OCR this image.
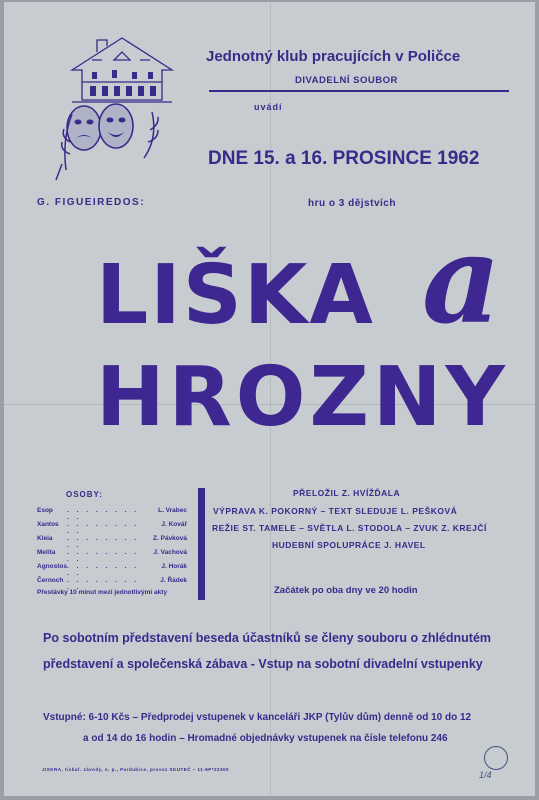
Jednotný klub pracujících v Poličce
DIVADELNÍ SOUBOR
uvádí
DNE 15. a 16. PROSINCE 1962
G. FIGUEIREDOS:	hru o 3 dějstvích
LIŠKA a
HROZNY
OSOBY:
Esop . . . . . . . . . .
L. Vrabec
Xantos . . . . . . . . . .
J. Kovář
Kleia . . . . . . . . . .
Z. Pávková
Melita . . . . . . . . . .
J. Vachová
Agnostos . . . . . . . . . .
J. Horák
Černoch . . . . . . . . . .
J. Řádek
Přestávky 10 minut mezi jednotlivými akty
PŘELOŽIL Z. HVÍŽĎALA
VÝPRAVA K. POKORNÝ – TEXT SLEDUJE L. PEŠKOVÁ
REŽIE ST. TAMELE – SVĚTLA L. STODOLA – ZVUK Z. KREJČÍ
HUDEBNÍ SPOLUPRÁCE J. HAVEL
Začátek po oba dny ve 20 hodin
Po sobotním představení beseda účastníků se členy souboru o zhlédnutém
představení a společenská zábava - Vstup na sobotní divadelní vstupenky
Vstupné: 6-10 Kčs – Předprodej vstupenek v kanceláři JKP (Tylův dům) denně od 10 do 12
a od 14 do 16 hodin – Hromadné objednávky vstupenek na čísle telefonu 246
JISKRA, tiskař. závody, n. p., Pardubice, provoz SKUTEČ – 11-6P*22300
1/4
